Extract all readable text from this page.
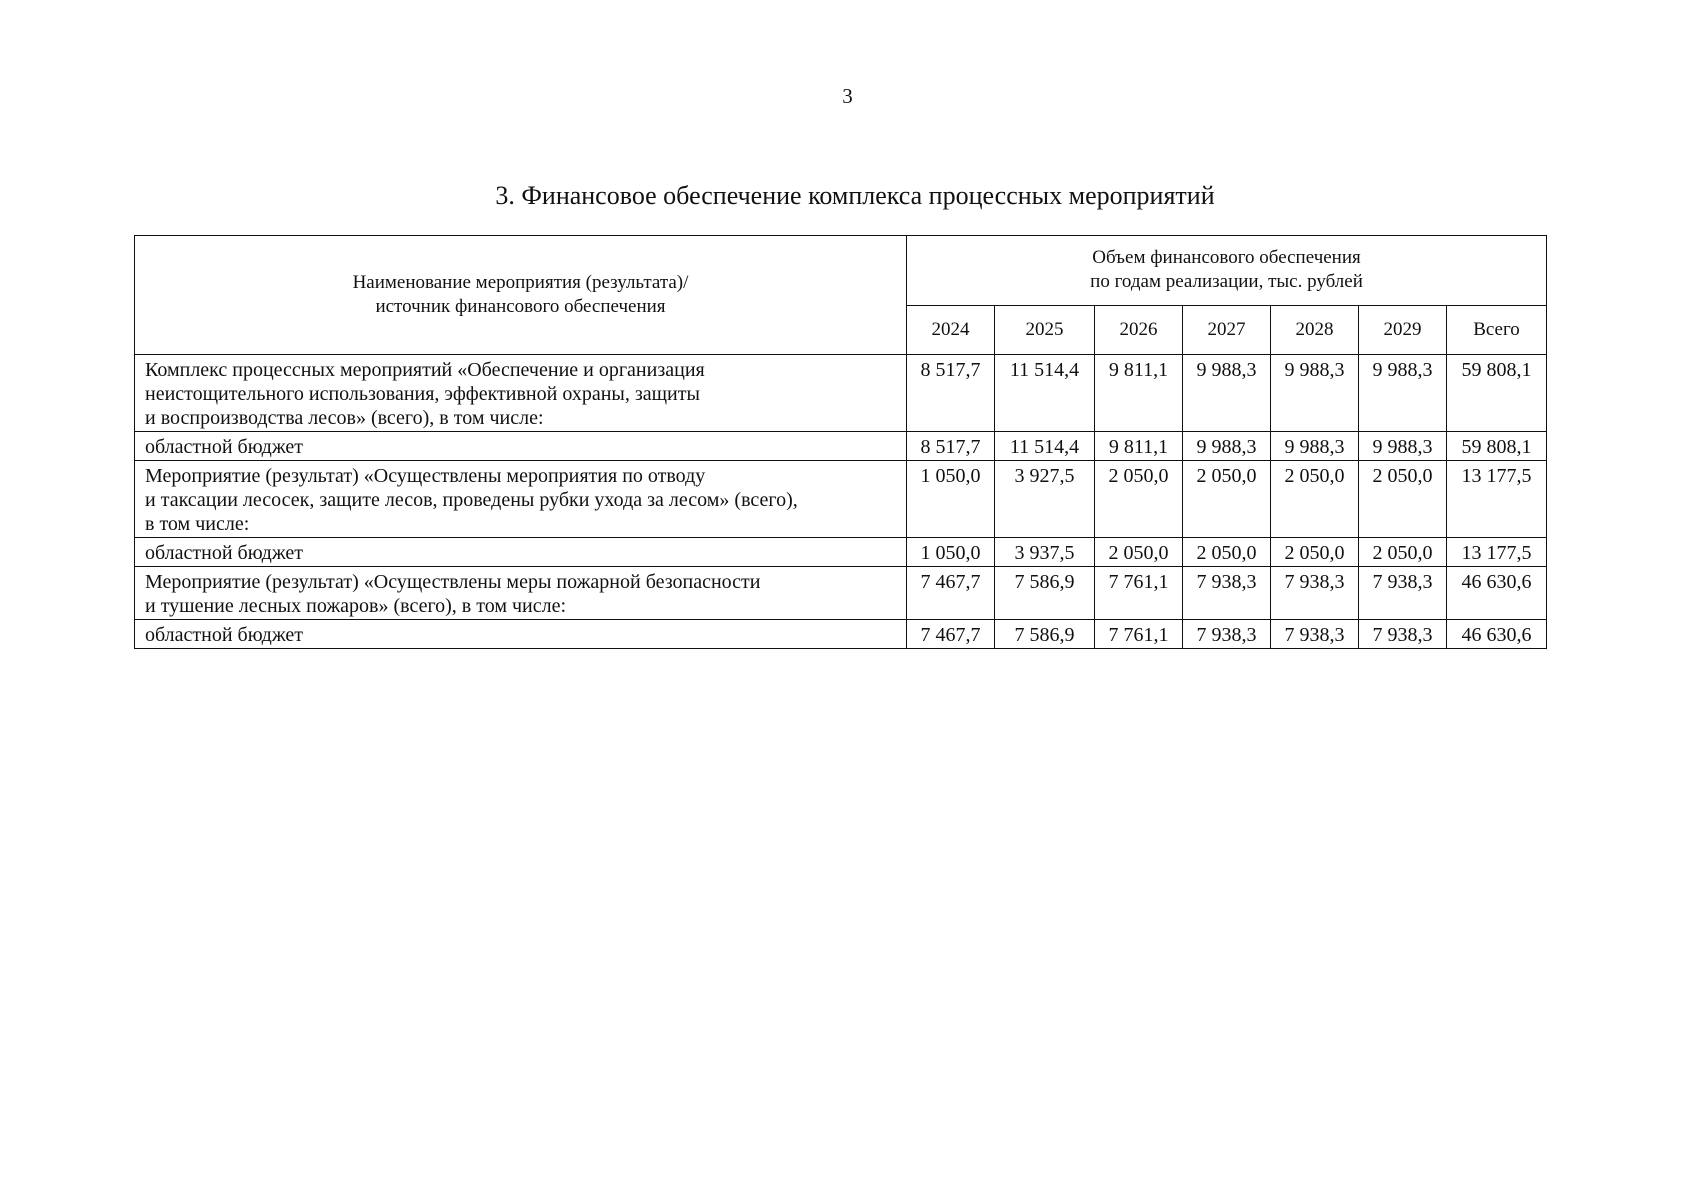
3
3. Финансовое обеспечение комплекса процессных мероприятий
Наименование мероприятия (результата)/
источник финансового обеспечения	Объем финансового обеспечения
по годам реализации, тыс. рублей						

	2024	2025	2026	2027	2028	2029	Всего

Комплекс процессных мероприятий «Обеспечение и организация
неистощительного использования, эффективной охраны, защиты
и воспроизводства лесов» (всего), в том числе:	8 517,7	11 514,4	9 811,1	9 988,3	9 988,3	9 988,3	59 808,1

областной бюджет	8 517,7	11 514,4	9 811,1	9 988,3	9 988,3	9 988,3	59 808,1

Мероприятие (результат) «Осуществлены мероприятия по отводу
и таксации лесосек, защите лесов, проведены рубки ухода за лесом» (всего),
в том числе:	1 050,0	3 927,5	2 050,0	2 050,0	2 050,0	2 050,0	13 177,5

областной бюджет	1 050,0	3 937,5	2 050,0	2 050,0	2 050,0	2 050,0	13 177,5

Мероприятие (результат) «Осуществлены меры пожарной безопасности
и тушение лесных пожаров» (всего), в том числе:	7 467,7	7 586,9	7 761,1	7 938,3	7 938,3	7 938,3	46 630,6

областной бюджет	7 467,7	7 586,9	7 761,1	7 938,3	7 938,3	7 938,3	46 630,6
